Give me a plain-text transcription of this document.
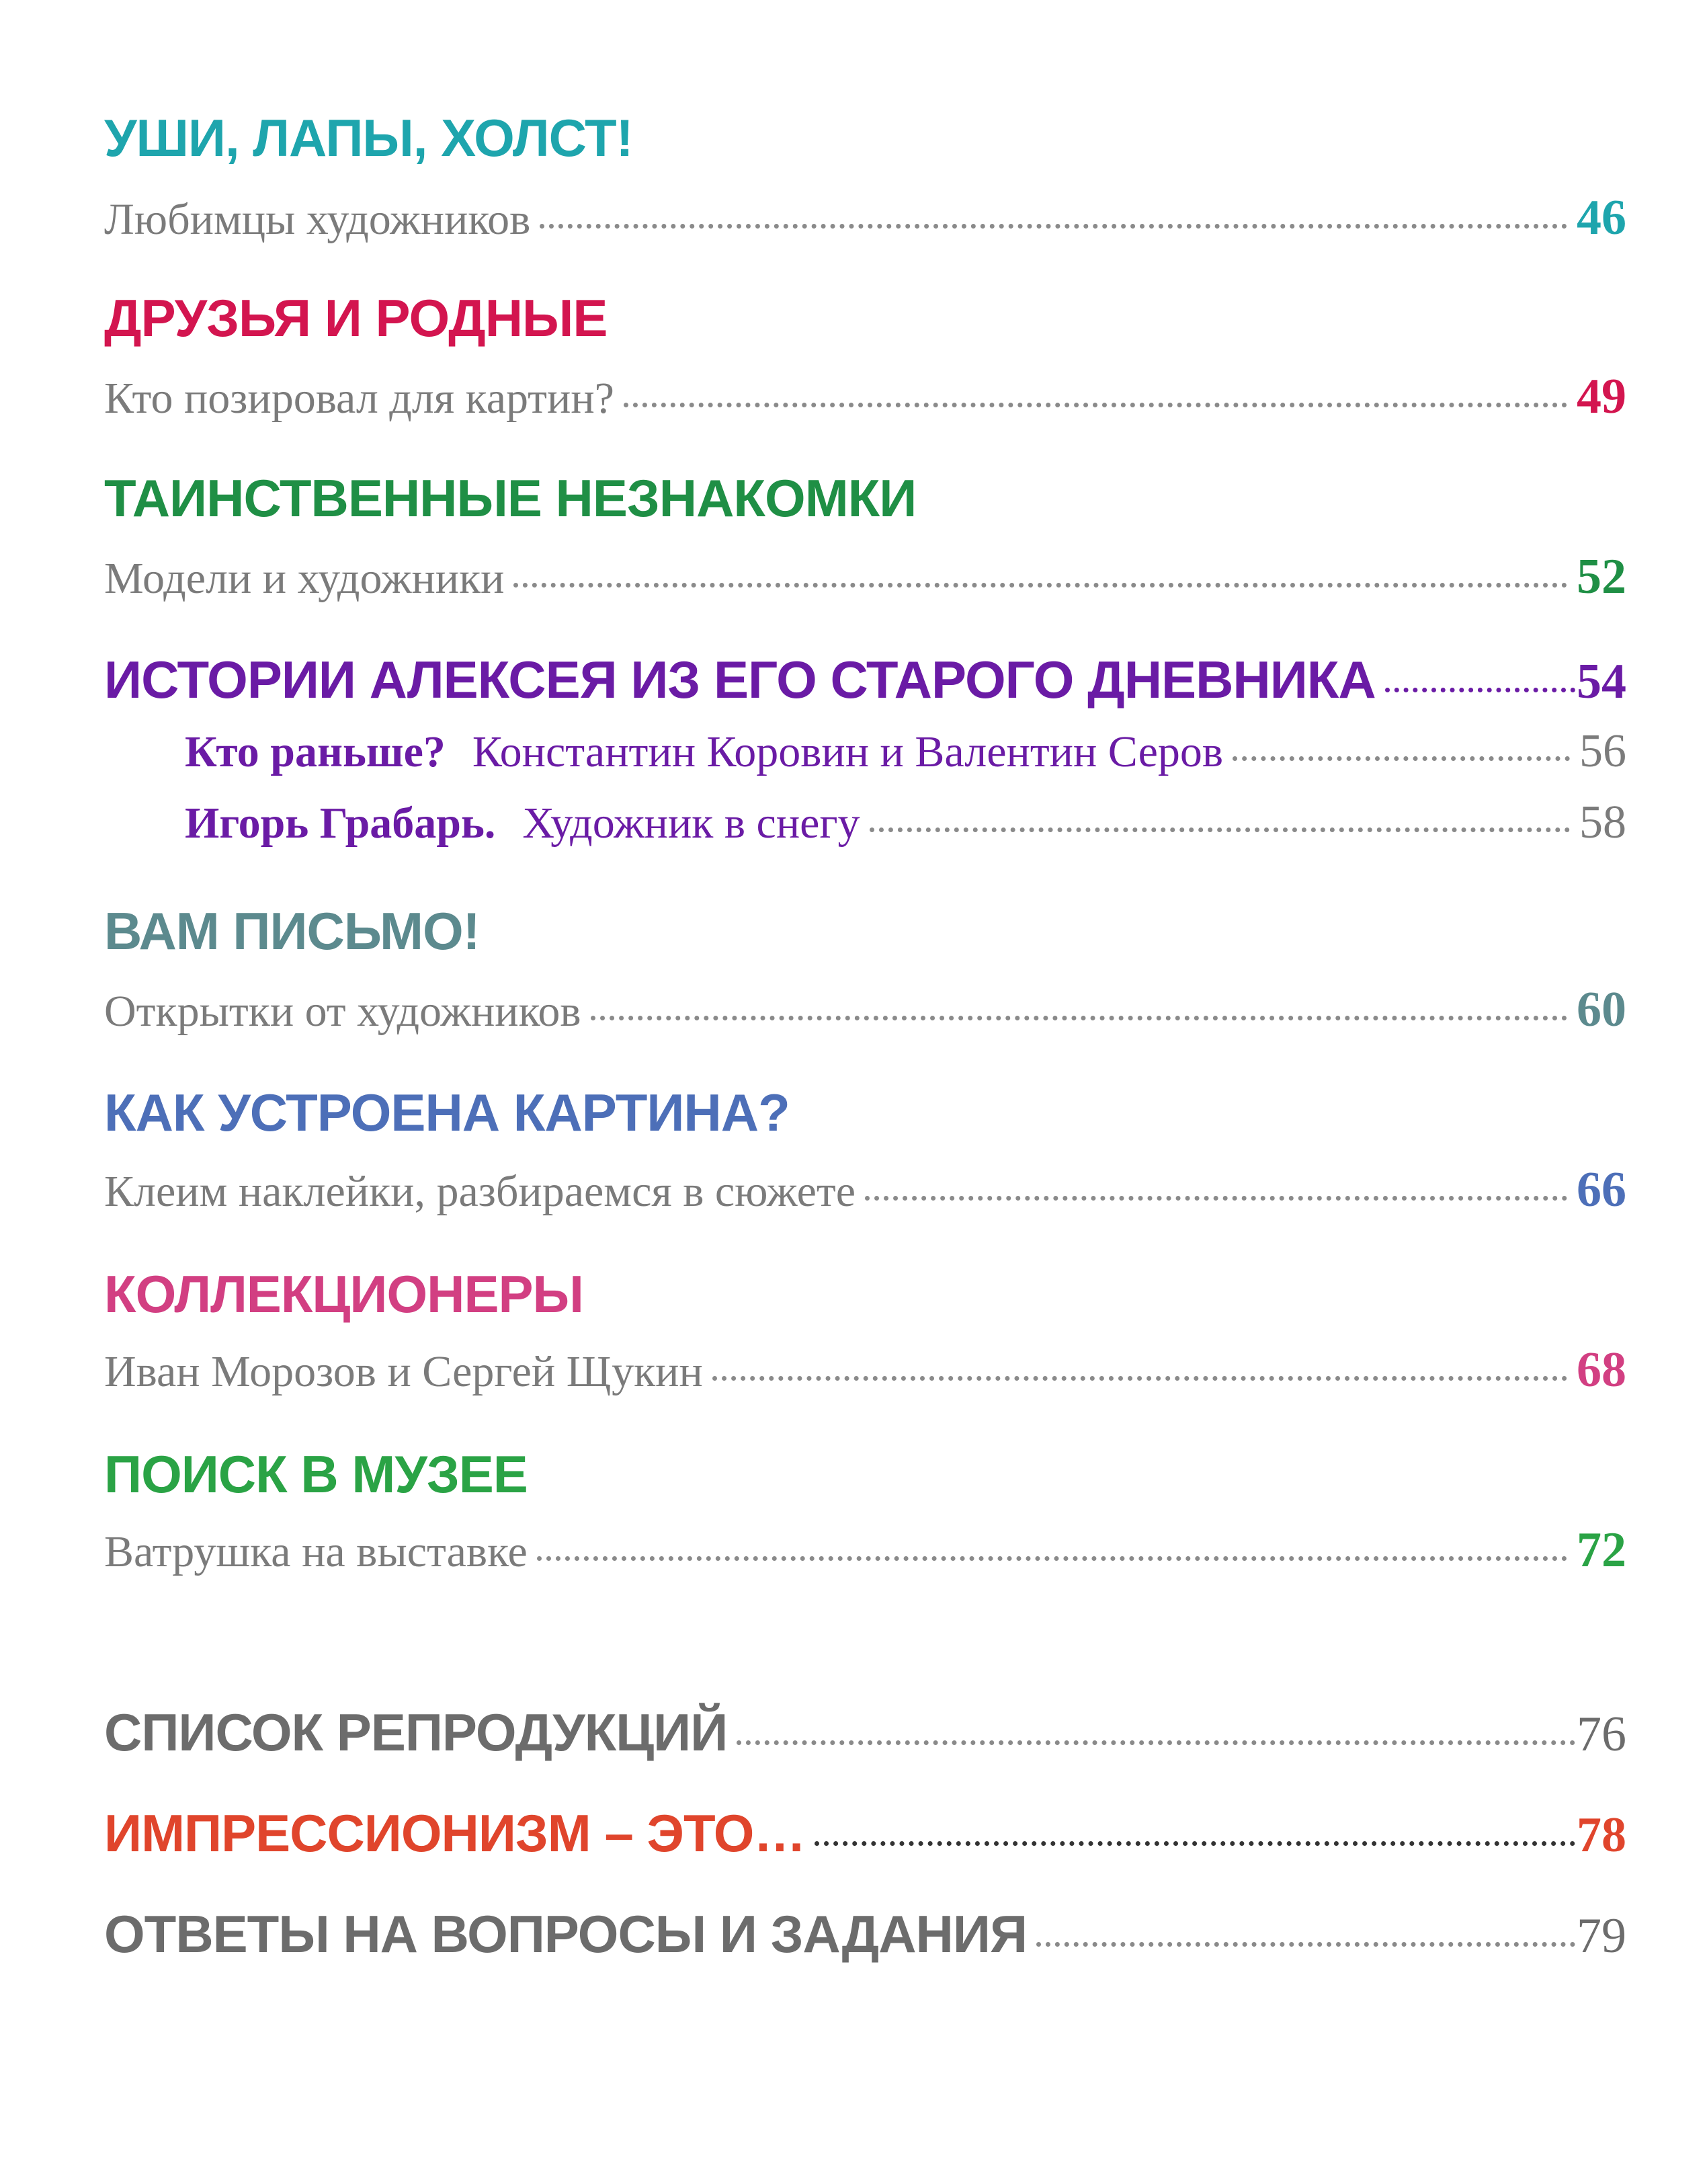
УШИ, ЛАПЫ, ХОЛСТ!
Любимцы художников	46
ДРУЗЬЯ И РОДНЫЕ
Кто позировал для картин?	49
ТАИНСТВЕННЫЕ НЕЗНАКОМКИ
Модели и художники	52
ИСТОРИИ АЛЕКСЕЯ ИЗ ЕГО СТАРОГО ДНЕВНИКА	54
Кто раньше? Константин Коровин и Валентин Серов	56
Игорь Грабарь. Художник в снегу	58
ВАМ ПИСЬМО!
Открытки от художников	60
КАК УСТРОЕНА КАРТИНА?
Клеим наклейки, разбираемся в сюжете	66
КОЛЛЕКЦИОНЕРЫ
Иван Морозов и Сергей Щукин	68
ПОИСК В МУЗЕЕ
Ватрушка на выставке	72
СПИСОК РЕПРОДУКЦИЙ	76
ИМПРЕССИОНИЗМ – ЭТО…	78
ОТВЕТЫ НА ВОПРОСЫ И ЗАДАНИЯ	79
